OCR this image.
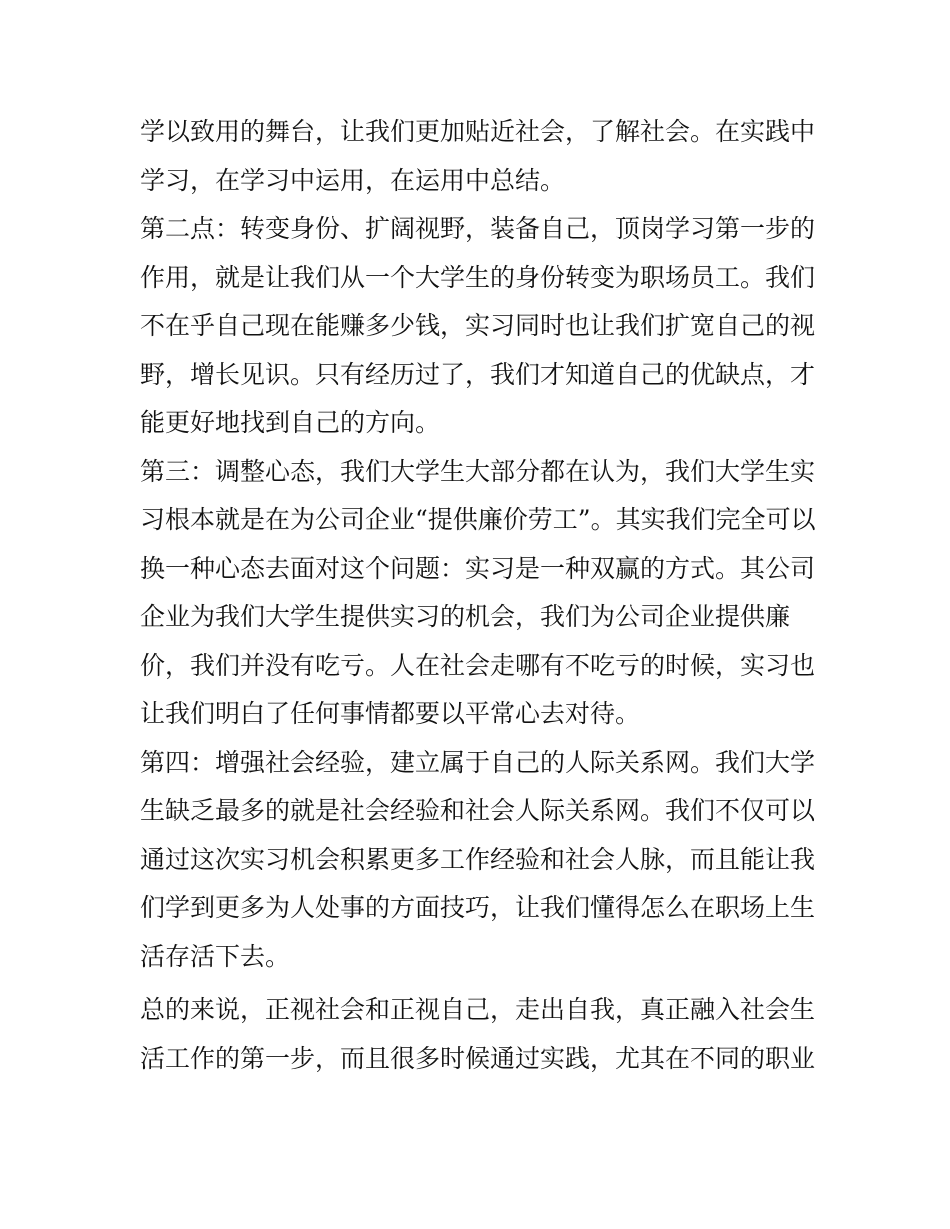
学以致用的舞台，让我们更加贴近社会，了解社会。在实践中
学习，在学习中运用，在运用中总结。
第二点：转变身份、扩阔视野，装备自己，顶岗学习第一步的
作用，就是让我们从一个大学生的身份转变为职场员工。我们
不在乎自己现在能赚多少钱，实习同时也让我们扩宽自己的视
野，增长见识。只有经历过了，我们才知道自己的优缺点，才
能更好地找到自己的方向。
第三：调整心态，我们大学生大部分都在认为，我们大学生实
习根本就是在为公司企业“提供廉价劳工”。其实我们完全可以
换一种心态去面对这个问题：实习是一种双赢的方式。其公司
企业为我们大学生提供实习的机会，我们为公司企业提供廉
价，我们并没有吃亏。人在社会走哪有不吃亏的时候，实习也
让我们明白了任何事情都要以平常心去对待。
第四：增强社会经验，建立属于自己的人际关系网。我们大学
生缺乏最多的就是社会经验和社会人际关系网。我们不仅可以
通过这次实习机会积累更多工作经验和社会人脉，而且能让我
们学到更多为人处事的方面技巧，让我们懂得怎么在职场上生
活存活下去。
总的来说，正视社会和正视自己，走出自我，真正融入社会生
活工作的第一步，而且很多时候通过实践，尤其在不同的职业
